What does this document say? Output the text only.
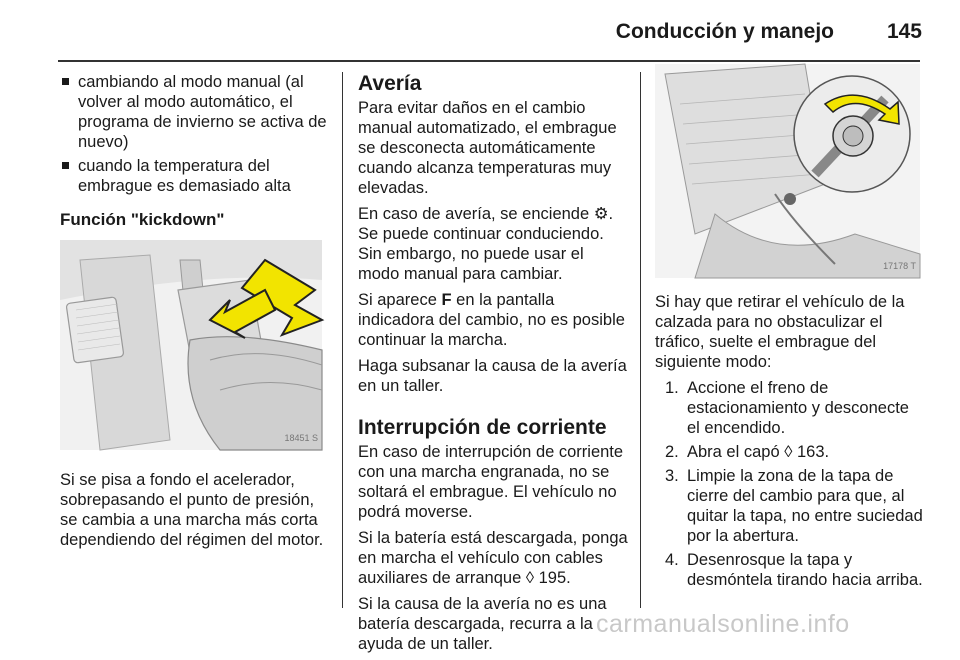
Conducción y manejo	145
cambiando al modo manual (al volver al modo automático, el programa de invierno se activa de nuevo)
cuando la temperatura del embrague es demasiado alta
Función "kickdown"
18451 S

Si se pisa a fondo el acelerador, sobrepasando el punto de presión, se cambia a una marcha más corta dependiendo del régimen del motor.

Avería

Para evitar daños en el cambio manual automatizado, el embrague se desconecta automáticamente cuando alcanza temperaturas muy elevadas.

En caso de avería, se enciende ⚙. Se puede continuar conduciendo. Sin embargo, no puede usar el modo manual para cambiar.

Si aparece F en la pantalla indicadora del cambio, no es posible continuar la marcha.

Haga subsanar la causa de la avería en un taller.

Interrupción de corriente

En caso de interrupción de corriente con una marcha engranada, no se soltará el embrague. El vehículo no podrá moverse.

Si la batería está descargada, ponga en marcha el vehículo con cables auxiliares de arranque ◊ 195.

Si la causa de la avería no es una batería descargada, recurra a la ayuda de un taller.

17178 T

Si hay que retirar el vehículo de la calzada para no obstaculizar el tráfico, suelte el embrague del siguiente modo:

1. Accione el freno de estacionamiento y desconecte el encendido.
2. Abra el capó ◊ 163.
3. Limpie la zona de la tapa de cierre del cambio para que, al quitar la tapa, no entre suciedad por la abertura.
4. Desenrosque la tapa y desmóntela tirando hacia arriba.
carmanualsonline.info
